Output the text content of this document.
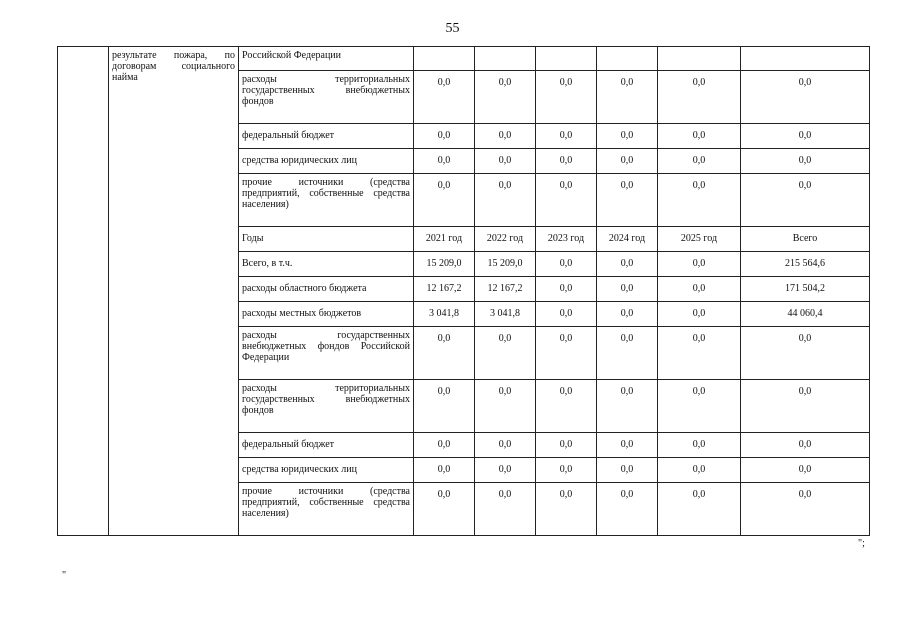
55
	результате пожара, по договорам социального найма	Российской Федерации						
		расходы территориальных государственных внебюджетных фондов	0,0	0,0	0,0	0,0	0,0	0,0
		федеральный бюджет	0,0	0,0	0,0	0,0	0,0	0,0
		средства юридических лиц	0,0	0,0	0,0	0,0	0,0	0,0
		прочие источники (средства предприятий, собственные средства населения)	0,0	0,0	0,0	0,0	0,0	0,0
		Годы	2021 год	2022 год	2023 год	2024 год	2025 год	Всего
		Всего, в т.ч.	15 209,0	15 209,0	0,0	0,0	0,0	215 564,6
		расходы областного бюджета	12 167,2	12 167,2	0,0	0,0	0,0	171 504,2
		расходы местных бюджетов	3 041,8	3 041,8	0,0	0,0	0,0	44 060,4
		расходы государственных внебюджетных фондов Российской Федерации	0,0	0,0	0,0	0,0	0,0	0,0
		расходы территориальных государственных внебюджетных фондов	0,0	0,0	0,0	0,0	0,0	0,0
		федеральный бюджет	0,0	0,0	0,0	0,0	0,0	0,0
		средства юридических лиц	0,0	0,0	0,0	0,0	0,0	0,0
		прочие источники (средства предприятий, собственные средства населения)	0,0	0,0	0,0	0,0	0,0	0,0
";
"
